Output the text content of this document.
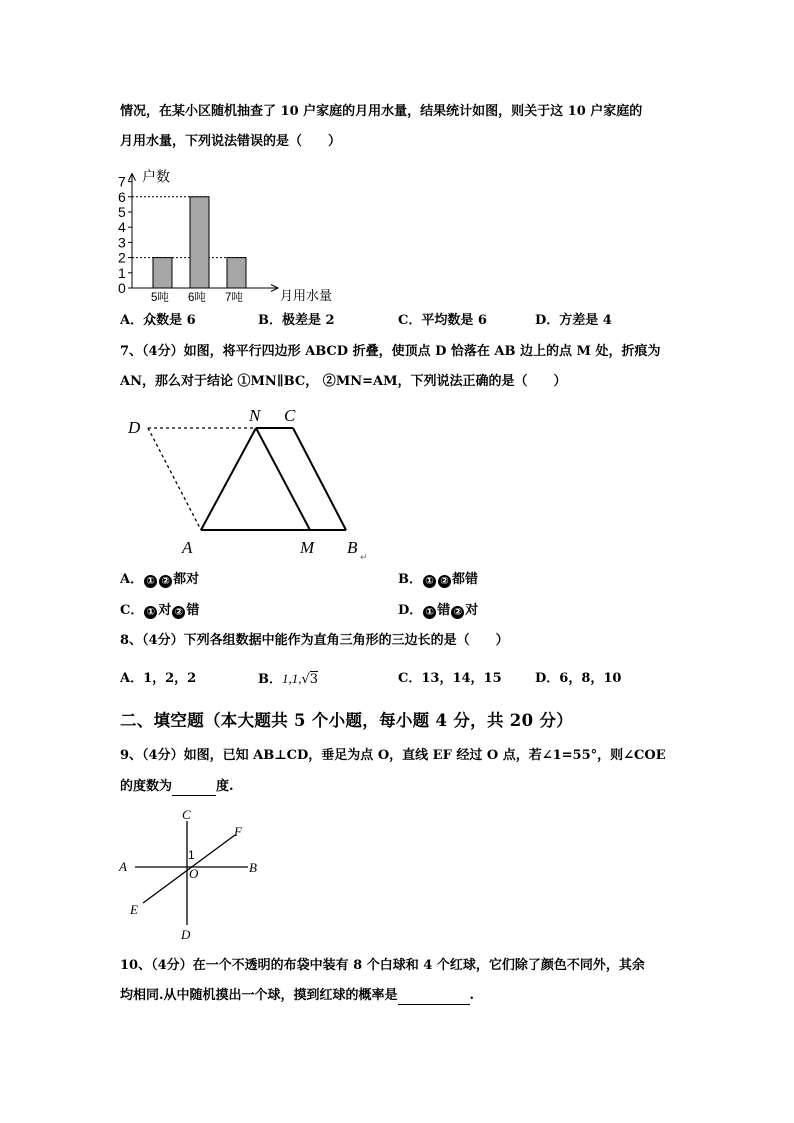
情况，在某小区随机抽查了 10 户家庭的月用水量，结果统计如图，则关于这 10 户家庭的
月用水量，下列说法错误的是（　　）
0
1
2
3
4
5
6
7
5吨 6吨 7吨
户数
月用水量
A．众数是 6	B．极差是 2	C．平均数是 6	D．方差是 4
7、（4分）如图，将平行四边形 ABCD 折叠，使顶点 D 恰落在 AB 边上的点 M 处，折痕为
AN，那么对于结论 ①MN∥BC， ②MN=AM，下列说法正确的是（　　）
D
N C
A	M B ↵
A． ① ② 都对	B． ① ② 都错
C． ① 对 ② 错	D． ① 错 ② 对
8、（4分）下列各组数据中能作为直角三角形的三边长的是（　　）
A．1，2，2	B．1,1,√3	C．13，14，15	D．6，8，10
二、填空题（本大题共 5 个小题，每小题 4 分，共 20 分）
9、（4分）如图，已知 AB⊥CD，垂足为点 O，直线 EF 经过 O 点，若∠1=55°，则∠COE
的度数为	度.
C
F
A	B
1
O
E
D
10、（4分）在一个不透明的布袋中装有 8 个白球和 4 个红球，它们除了颜色不同外，其余
均相同.从中随机摸出一个球，摸到红球的概率是	.
